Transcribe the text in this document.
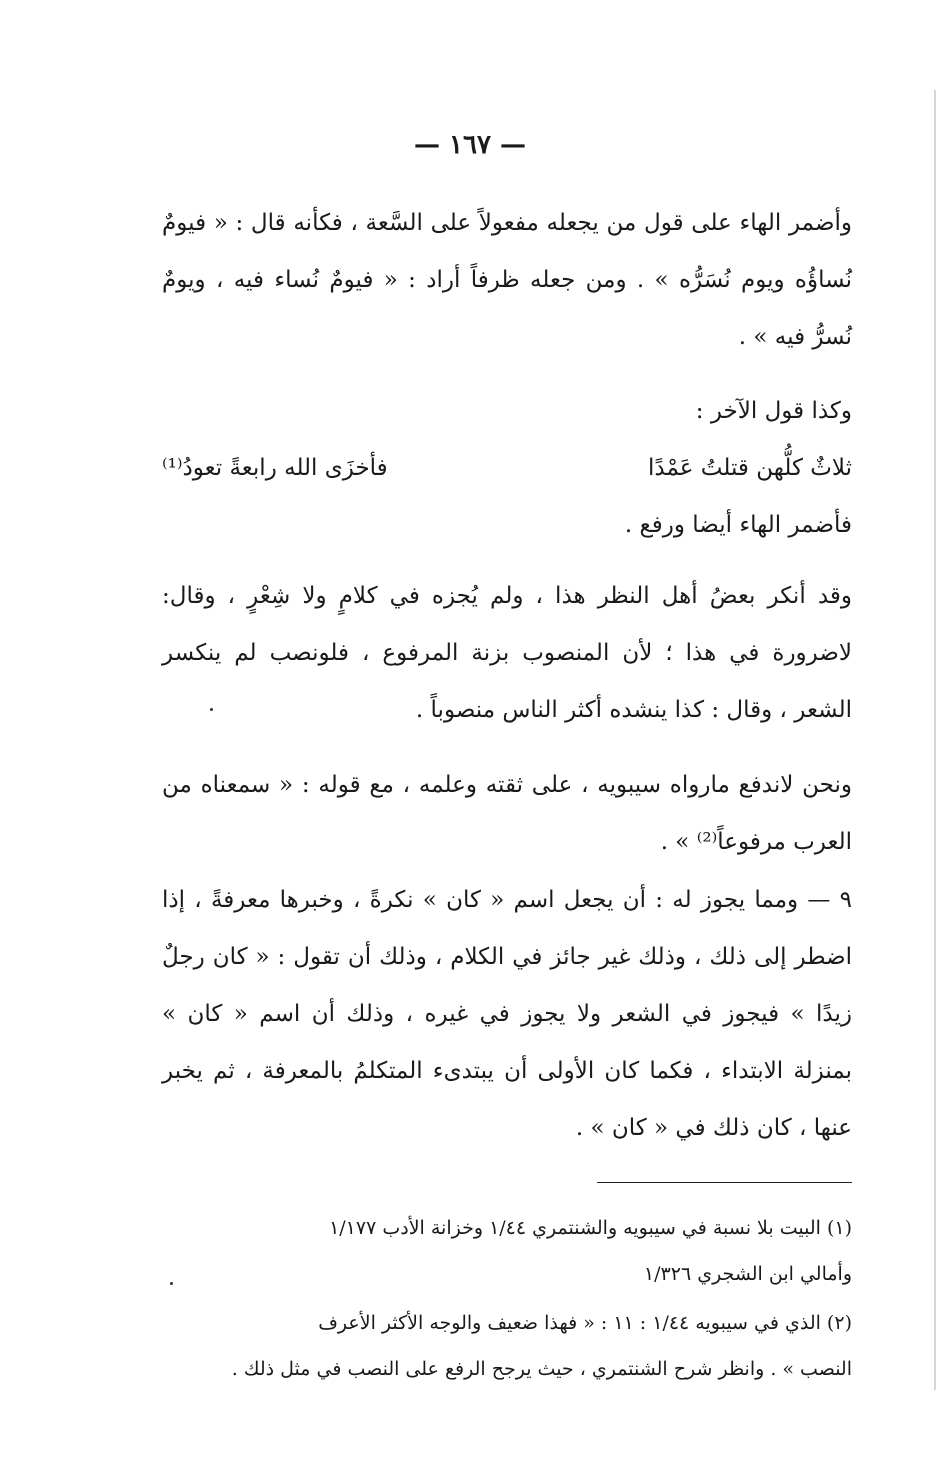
— ١٦٧ —
وأضمر الهاء على قول من يجعله مفعولاً على السَّعة ، فكأنه قال : « فيومٌ نُساؤُه ويوم نُسَرُّه » . ومن جعله ظرفاً أراد : « فيومٌ نُساء فيه ، ويومٌ نُسرُّ فيه » .
وكذا قول الآخر :
ثلاثٌ كلُّهن قتلتُ عَمْدًا
فأخزَى الله رابعةً تعودُ⁽¹⁾
فأضمر الهاء أيضا ورفع .
وقد أنكر بعضُ أهل النظر هذا ، ولم يُجزه في كلامٍ ولا شِعْرٍ ، وقال: لاضرورة في هذا ؛ لأن المنصوب بزنة المرفوع ، فلونصب لم ينكسر الشعر ، وقال : كذا ينشده أكثر الناس منصوباً .
ونحن لاندفع مارواه سيبويه ، على ثقته وعلمه ، مع قوله : « سمعناه من العرب مرفوعاً⁽²⁾ » .
٩ — ومما يجوز له : أن يجعل اسم « كان » نكرةً ، وخبرها معرفةً ، إذا اضطر إلى ذلك ، وذلك غير جائز في الكلام ، وذلك أن تقول : « كان رجلٌ زيدًا » فيجوز في الشعر ولا يجوز في غيره ، وذلك أن اسم « كان » بمنزلة الابتداء ، فكما كان الأولى أن يبتدىء المتكلمُ بالمعرفة ، ثم يخبر عنها ، كان ذلك في « كان » .
(١) البيت بلا نسبة في سيبويه والشنتمري ١/٤٤ وخزانة الأدب ١/١٧٧
وأمالي ابن الشجري ١/٣٢٦
(٢) الذي في سيبويه ١/٤٤ : ١١ : « فهذا ضعيف والوجه الأكثر الأعرف
النصب » . وانظر شرح الشنتمري ، حيث يرجح الرفع على النصب في مثل ذلك .
